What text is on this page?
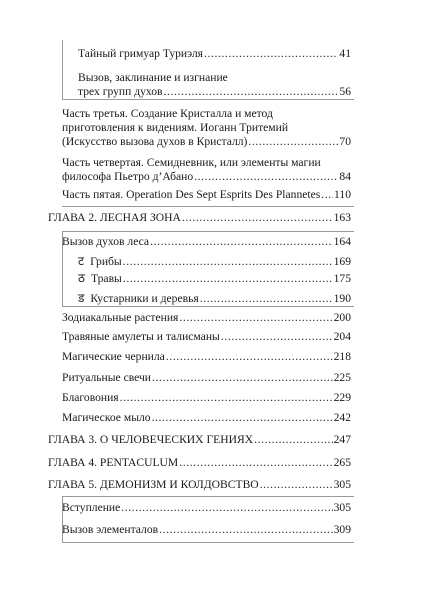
Тайный гримуар Туриэля .....	41
Вызов, заклинание и изгнание
трех групп духов .....	56
Часть третья. Создание Кристалла и метод
приготовления к видениям. Иоганн Тритемий
(Искусство вызова духов в Кристалл) .....	70
Часть четвертая. Семидневник, или элементы магии
философа Пьетро д’Абано .....	84
Часть пятая. Operation Des Sept Esprits Des Plannetes ..... 110
ГЛАВА 2. ЛЕСНАЯ ЗОНА .....	163
Вызов духов леса .....	164
ट Грибы .....	169
ठ Травы .....	175
ड Кустарники и деревья .....	190
Зодиакальные растения .....	200
Травяные амулеты и талисманы .....	204
Магические чернила .....	218
Ритуальные свечи .....	225
Благовония .....	229
Магическое мыло .....	242
ГЛАВА 3. О ЧЕЛОВЕЧЕСКИХ ГЕНИЯХ .....	247
ГЛАВА 4. PENTACULUM .....	265
ГЛАВА 5. ДЕМОНИЗМ И КОЛДОВСТВО .....	305
Вступление .....	305
Вызов элементалов .....	309
